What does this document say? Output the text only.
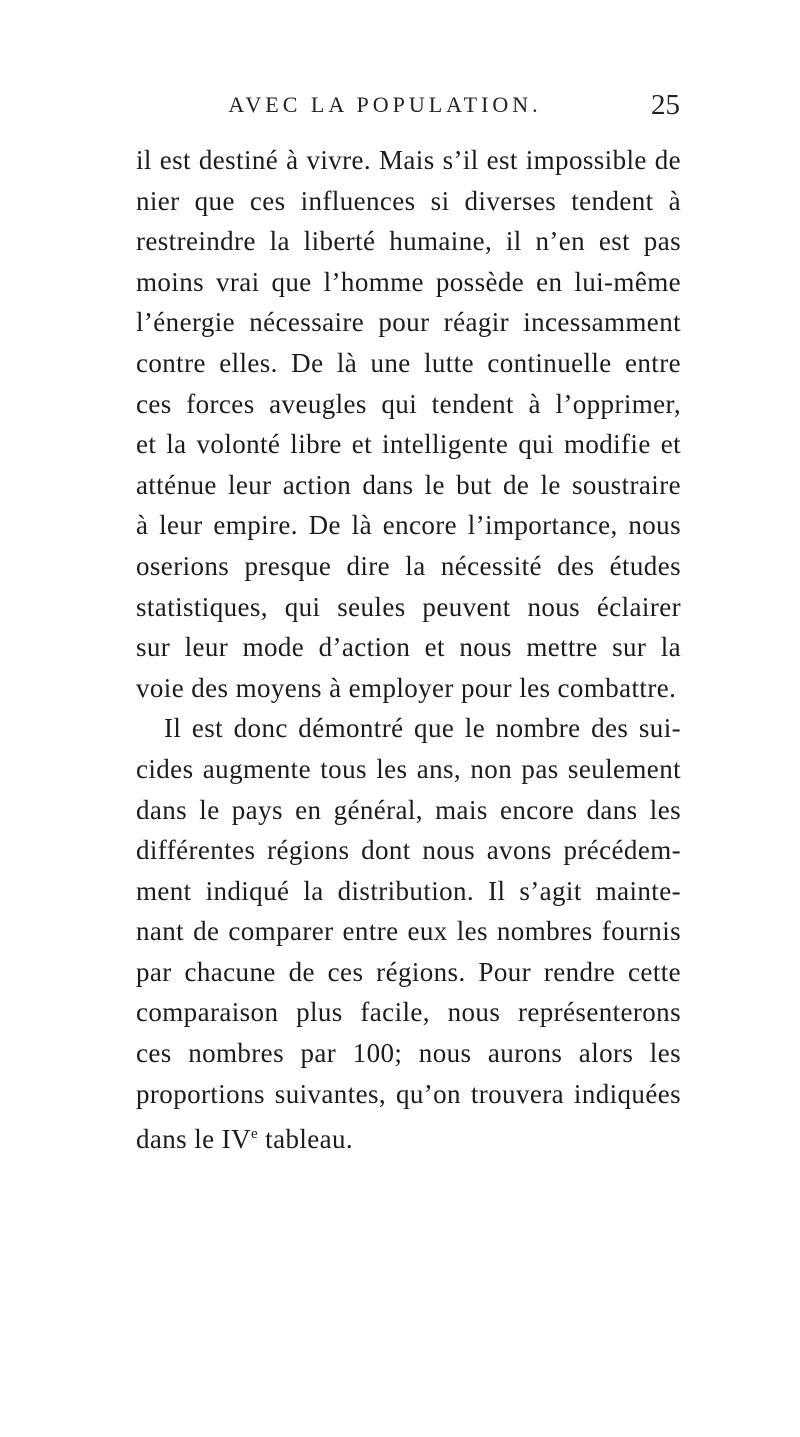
AVEC LA POPULATION.	25
il est destiné à vivre. Mais s’il est impossible de
nier que ces influences si diverses tendent à
restreindre la liberté humaine, il n’en est pas
moins vrai que l’homme possède en lui-même
l’énergie nécessaire pour réagir incessamment
contre elles. De là une lutte continuelle entre
ces forces aveugles qui tendent à l’opprimer,
et la volonté libre et intelligente qui modifie et
atténue leur action dans le but de le soustraire
à leur empire. De là encore l’importance, nous
oserions presque dire la nécessité des études
statistiques, qui seules peuvent nous éclairer
sur leur mode d’action et nous mettre sur la
voie des moyens à employer pour les combattre.
Il est donc démontré que le nombre des sui-
cides augmente tous les ans, non pas seulement
dans le pays en général, mais encore dans les
différentes régions dont nous avons précédem-
ment indiqué la distribution. Il s’agit mainte-
nant de comparer entre eux les nombres fournis
par chacune de ces régions. Pour rendre cette
comparaison plus facile, nous représenterons
ces nombres par 100; nous aurons alors les
proportions suivantes, qu’on trouvera indiquées
dans le IVe tableau.
